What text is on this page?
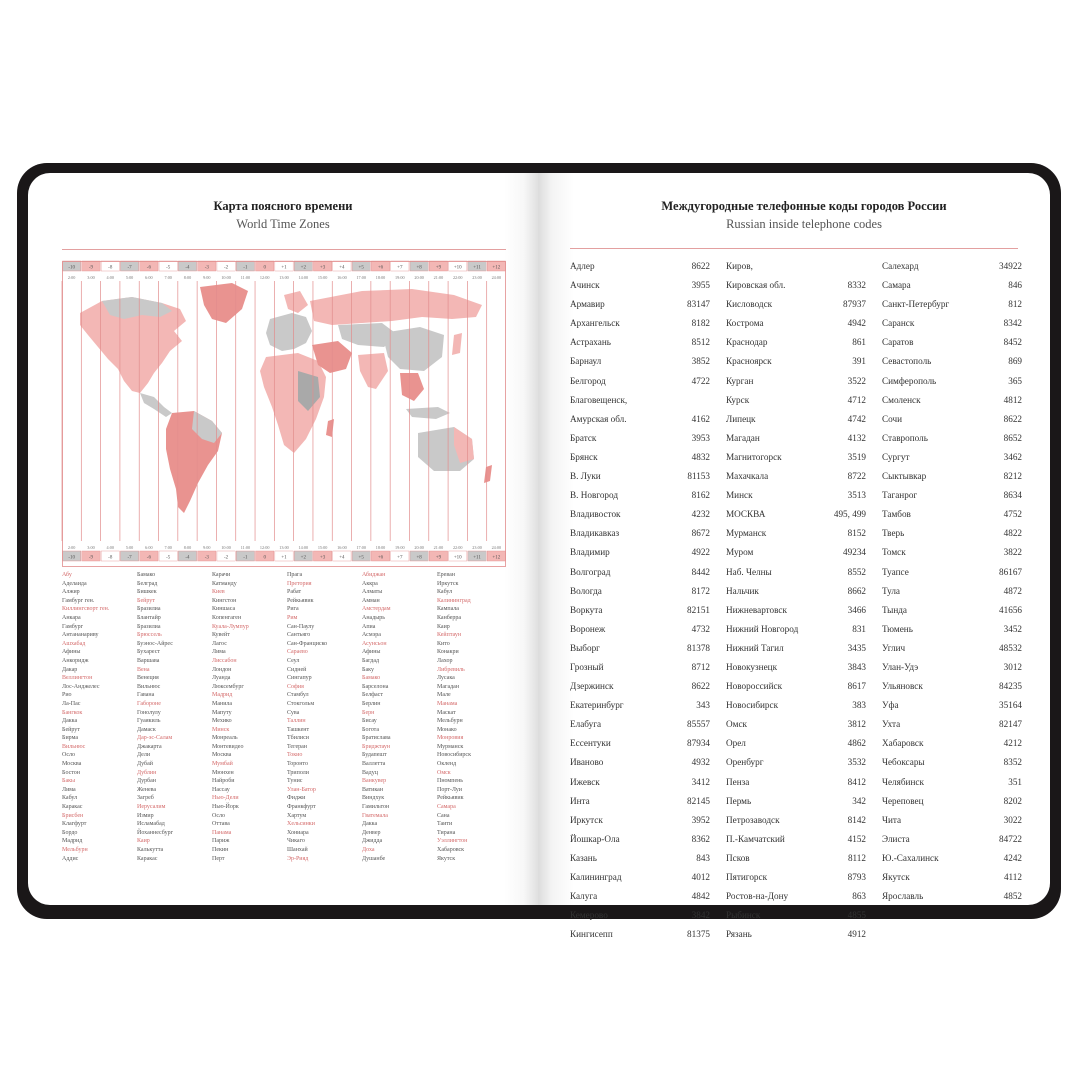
Карта поясного времени
World Time Zones
-10
2:00
-9
3:00
-8
4:00
-7
5:00
-6
6:00
-5
7:00
-4
8:00
-3
9:00
-2
10:00
-1
11:00
0
12:00
+1
13:00
+2
14:00
+3
15:00
+4
16:00
+5
17:00
+6
18:00
+7
19:00
+8
20:00
+9
21:00
+10
22:00
+11
23:00
+12
24:00
-10
2:00
-9
3:00
-8
4:00
-7
5:00
-6
6:00
-5
7:00
-4
8:00
-3
9:00
-2
10:00
-1
11:00
0
12:00
+1
13:00
+2
14:00
+3
15:00
+4
16:00
+5
17:00
+6
18:00
+7
19:00
+8
20:00
+9
21:00
+10
22:00
+11
23:00
+12
24:00
Абу
Аделаида
Алжир
Гамбург ген.
Киллингсворт ген.
Анкара
Гамбург
Антананариву
Ашхабад
Афины
Анкоридж
Дакар
Веллингтон
Лос-Анджелес
Рио
Ла-Пас
Бангкок
Дакка
Бейрут
Бирма
Вильнюс
Осло
Москва
Бостон
Бакы
Лима
Кабул
Каракас
Брисбен
Клагфурт
Бордо
Мадрид
Мельбурн
Аддис
Бамако
Белград
Бишкек
Бейрут
Бразилиа
Блантайр
Бразилиа
Брюссель
Буэнос-Айрес
Бухарест
Варшава
Вена
Венеция
Вильнюс
Гавана
Габороне
Гонолулу
Гуаякиль
Дамаск
Дар-эс-Салам
Джакарта
Дели
Дубай
Дублин
Дурбан
Женева
Загреб
Иерусалим
Измир
Исламабад
Йоханнесбург
Каир
Калькутта
Каракас
Карачи
Катманду
Киев
Кингстон
Киншаса
Копенгаген
Куала-Лумпур
Кувейт
Лагос
Лима
Лиссабон
Лондон
Луанда
Люксембург
Мадрид
Манила
Мапуту
Мехико
Минск
Монреаль
Монтевидео
Москва
Мумбай
Мюнхен
Найроби
Нассау
Нью-Дели
Нью-Йорк
Осло
Оттава
Панама
Париж
Пекин
Перт
Прага
Претория
Рабат
Рейкьявик
Рига
Рим
Сан-Паулу
Сантьяго
Сан-Франциско
Сараево
Сеул
Сидней
Сингапур
София
Стамбул
Стокгольм
Сува
Таллин
Ташкент
Тбилиси
Тегеран
Токио
Торонто
Триполи
Тунис
Улан-Батор
Фиджи
Франкфурт
Хартум
Хельсинки
Хониара
Чикаго
Шанхай
Эр-Рияд
Абиджан
Аккра
Алматы
Амман
Амстердам
Анадырь
Апиа
Асмэра
Асунсьон
Афины
Багдад
Баку
Бамако
Барселона
Белфаст
Берлин
Берн
Бисау
Богота
Братислава
Бриджтаун
Будапешт
Валлетта
Вадуц
Ванкувер
Ватикан
Виндхук
Гамильтон
Гватемала
Дакка
Денвер
Джидда
Доха
Душанбе
Ереван
Иркутск
Кабул
Калининград
Кампала
Канберра
Каир
Кейптаун
Кито
Конакри
Лахор
Либревиль
Лусака
Магадан
Мале
Манама
Маскат
Мельбурн
Монако
Монровия
Мурманск
Новосибирск
Окленд
Омск
Пномпень
Порт-Луи
Рейкьявик
Самара
Сана
Таити
Тирана
Уэллингтон
Хабаровск
Якутск
Междугородные телефонные коды городов России
Russian inside telephone codes
Адлер	8622
Ачинск	3955
Армавир	83147
Архангельск	8182
Астрахань	8512
Барнаул	3852
Белгород	4722
Благовещенск,
Амурская обл.	4162
Братск	3953
Брянск	4832
В. Луки	81153
В. Новгород	8162
Владивосток	4232
Владикавказ	8672
Владимир	4922
Волгоград	8442
Вологда	8172
Воркута	82151
Воронеж	4732
Выборг	81378
Грозный	8712
Дзержинск	8622
Екатеринбург	343
Елабуга	85557
Ессентуки	87934
Иваново	4932
Ижевск	3412
Инта	82145
Иркутск	3952
Йошкар-Ола	8362
Казань	843
Калининград	4012
Калуга	4842
Кемерово	3842
Кингисепп	81375
Киров,
Кировская обл.	8332
Кисловодск	87937
Кострома	4942
Краснодар	861
Красноярск	391
Курган	3522
Курск	4712
Липецк	4742
Магадан	4132
Магнитогорск	3519
Махачкала	8722
Минск	3513
МОСКВА	495, 499
Мурманск	8152
Муром	49234
Наб. Челны	8552
Нальчик	8662
Нижневартовск	3466
Нижний Новгород	831
Нижний Тагил	3435
Новокузнецк	3843
Новороссийск	8617
Новосибирск	383
Омск	3812
Орел	4862
Оренбург	3532
Пенза	8412
Пермь	342
Петрозаводск	8142
П.-Камчатский	4152
Псков	8112
Пятигорск	8793
Ростов-на-Дону	863
Рыбинск	4855
Рязань	4912
Салехард	34922
Самара	846
Санкт-Петербург	812
Саранск	8342
Саратов	8452
Севастополь	869
Симферополь	365
Смоленск	4812
Сочи	8622
Ставрополь	8652
Сургут	3462
Сыктывкар	8212
Таганрог	8634
Тамбов	4752
Тверь	4822
Томск	3822
Туапсе	86167
Тула	4872
Тында	41656
Тюмень	3452
Углич	48532
Улан-Удэ	3012
Ульяновск	84235
Уфа	35164
Ухта	82147
Хабаровск	4212
Чебоксары	8352
Челябинск	351
Череповец	8202
Чита	3022
Элиста	84722
Ю.-Сахалинск	4242
Якутск	4112
Ярославль	4852
